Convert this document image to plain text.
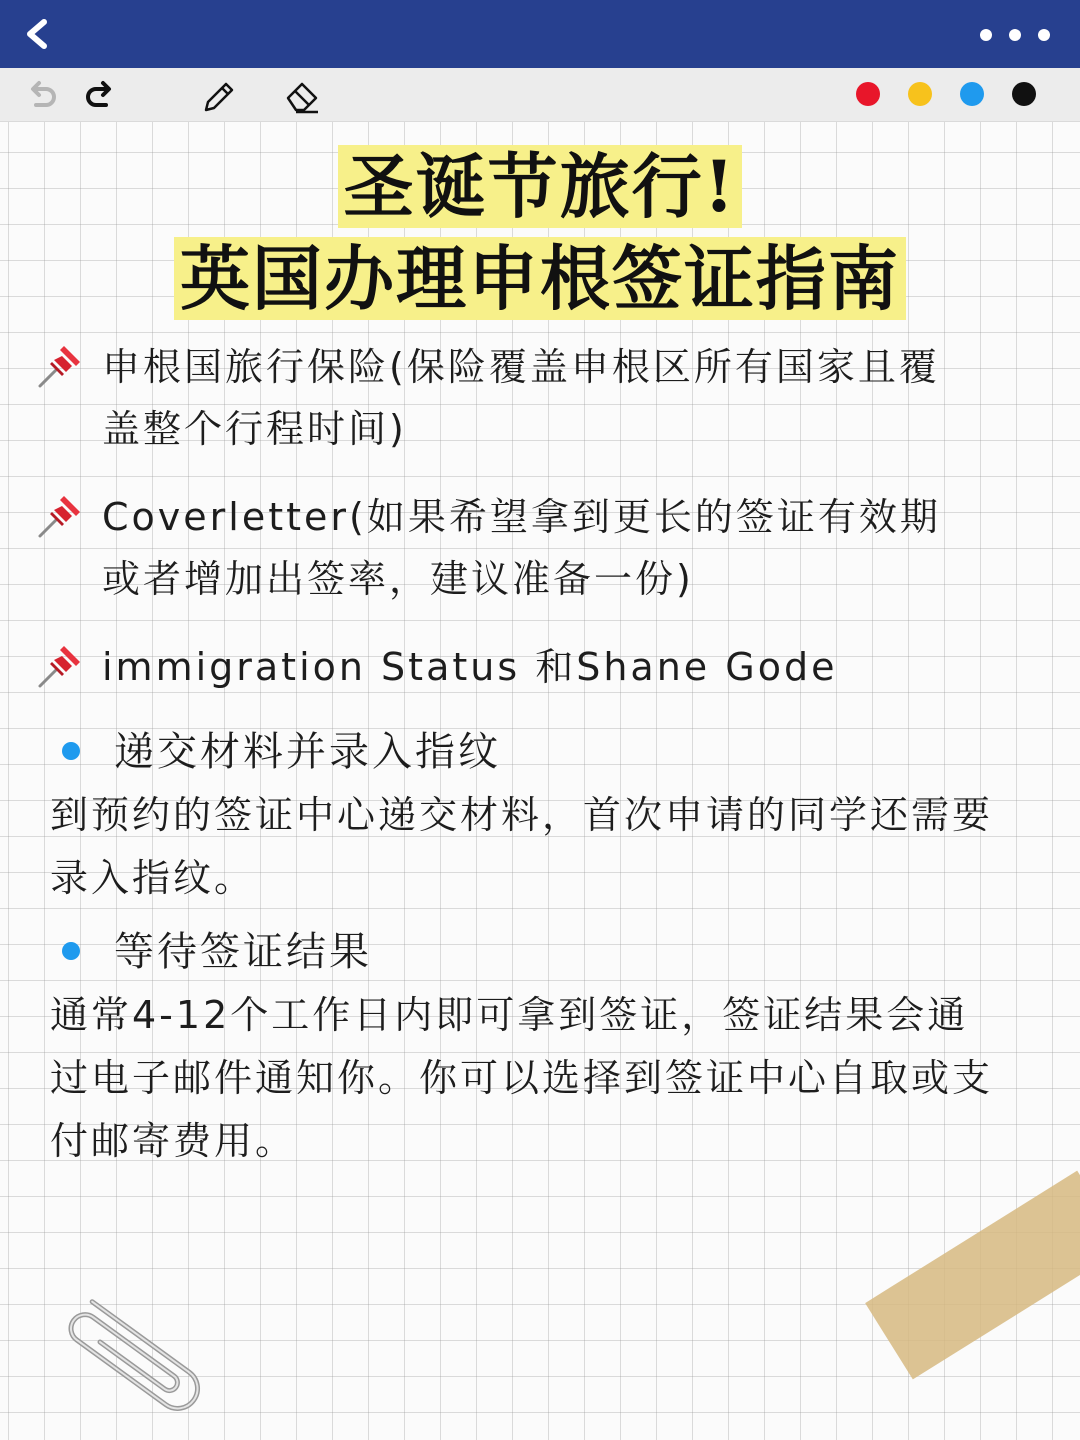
圣诞节旅行!
英国办理申根签证指南
申根国旅行保险(保险覆盖申根区所有国家且覆
盖整个行程时间)
Coverletter(如果希望拿到更长的签证有效期
或者增加出签率，建议准备一份)
immigration Status 和Shane Gode
递交材料并录入指纹
到预约的签证中心递交材料，首次申请的同学还需要
录入指纹。
等待签证结果
通常4-12个工作日内即可拿到签证，签证结果会通
过电子邮件通知你。你可以选择到签证中心自取或支
付邮寄费用。
